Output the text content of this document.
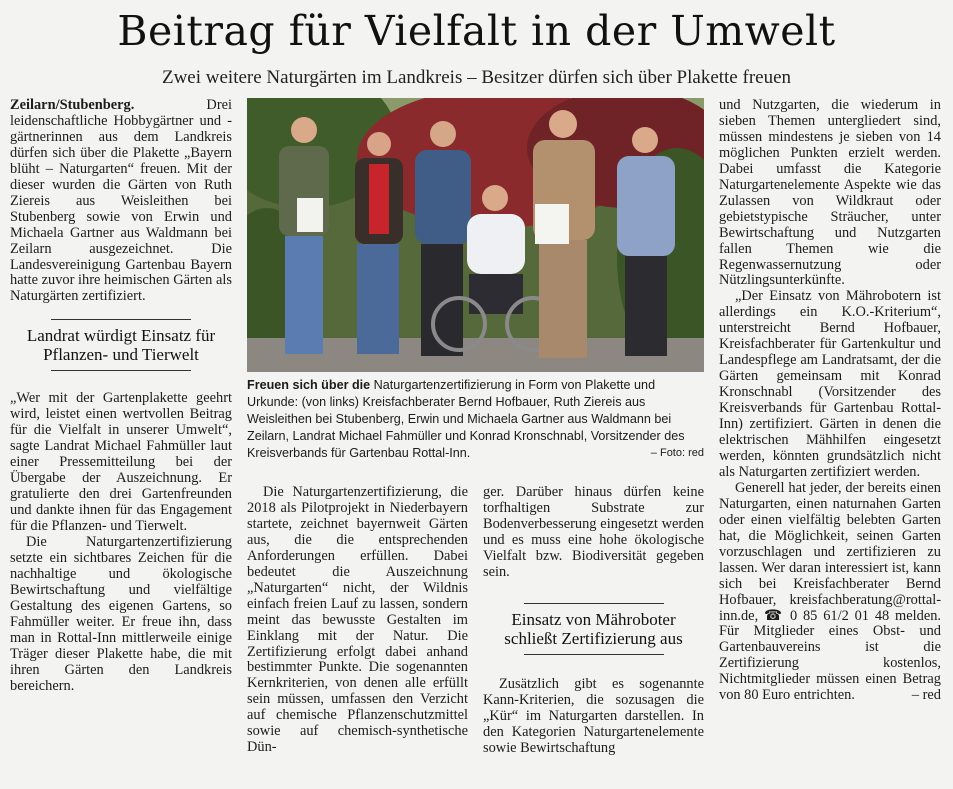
Beitrag für Vielfalt in der Umwelt
Zwei weitere Naturgärten im Landkreis – Besitzer dürfen sich über Plakette freuen

Zeilarn/Stubenberg.	Drei leidenschaftliche Hobbygärtner und -gärtnerinnen aus dem Landkreis dürfen sich über die Plakette „Bayern blüht – Naturgarten“ freuen. Mit der dieser wurden die Gärten von Ruth Ziereis aus Weisleithen bei Stubenberg sowie von Erwin und Michaela Gartner aus Waldmann bei Zeilarn ausgezeichnet. Die Landesvereinigung Gartenbau Bayern hatte zuvor ihre heimischen Gärten als Naturgärten zertifiziert.

Landrat würdigt Einsatz für Pflanzen- und Tierwelt

„Wer mit der Gartenplakette geehrt wird, leistet einen wertvollen Beitrag für die Vielfalt in unserer Umwelt“, sagte Landrat Michael Fahmüller laut einer Pressemitteilung bei der Übergabe der Auszeichnung. Er gratulierte den drei Gartenfreunden und dankte ihnen für das Engagement für die Pflanzen- und Tierwelt.

Die Naturgartenzertifizierung setzte ein sichtbares Zeichen für die nachhaltige und ökologische Bewirtschaftung und vielfältige Gestaltung des eigenen Gartens, so Fahmüller weiter. Er freue ihn, dass man in Rottal-Inn mittlerweile einige Träger dieser Plakette habe, die mit ihren Gärten den Landkreis bereichern.

Freuen sich über die Naturgartenzertifizierung in Form von Plakette und Urkunde: (von links) Kreisfachberater Bernd Hofbauer, Ruth Ziereis aus Weisleithen bei Stubenberg, Erwin und Michaela Gartner aus Waldmann bei Zeilarn, Landrat Michael Fahmüller und Konrad Kronschnabl, Vorsitzender des Kreisverbands für Gartenbau Rottal-Inn.	– Foto: red

Die Naturgartenzertifizierung, die 2018 als Pilotprojekt in Niederbayern startete, zeichnet bayernweit Gärten aus, die die entsprechenden Anforderungen erfüllen. Dabei bedeutet die Auszeichnung „Naturgarten“ nicht, der Wildnis einfach freien Lauf zu lassen, sondern meint das bewusste Gestalten im Einklang mit der Natur. Die Zertifizierung erfolgt dabei anhand bestimmter Punkte. Die sogenannten Kernkriterien, von denen alle erfüllt sein müssen, umfassen den Verzicht auf chemische Pflanzenschutzmittel sowie auf chemisch-synthetische Dün-

ger. Darüber hinaus dürfen keine torfhaltigen Substrate zur Bodenverbesserung eingesetzt werden und es muss eine hohe ökologische Vielfalt bzw. Biodiversität gegeben sein.

Einsatz von Mähroboter schließt Zertifizierung aus

Zusätzlich gibt es sogenannte Kann-Kriterien, die sozusagen die „Kür“ im Naturgarten darstellen. In den Kategorien Naturgartenelemente sowie Bewirtschaftung

und Nutzgarten, die wiederum in sieben Themen untergliedert sind, müssen mindestens je sieben von 14 möglichen Punkten erzielt werden. Dabei umfasst die Kategorie Naturgartenelemente Aspekte wie das Zulassen von Wildkraut oder gebietstypische Sträucher, unter Bewirtschaftung und Nutzgarten fallen Themen wie die Regenwassernutzung oder Nützlingsunterkünfte.

„Der Einsatz von Mährobotern ist allerdings ein K.O.-Kriterium“, unterstreicht Bernd Hofbauer, Kreisfachberater für Gartenkultur und Landespflege am Landratsamt, der die Gärten gemeinsam mit Konrad Kronschnabl (Vorsitzender des Kreisverbands für Gartenbau Rottal-Inn) zertifiziert. Gärten in denen die elektrischen Mähhilfen eingesetzt werden, könnten grundsätzlich nicht als Naturgarten zertifiziert werden.

Generell hat jeder, der bereits einen Naturgarten, einen naturnahen Garten oder einen vielfältig belebten Garten hat, die Möglichkeit, seinen Garten vorzuschlagen und zertifizieren zu lassen. Wer daran interessiert ist, kann sich bei Kreisfachberater Bernd Hofbauer, kreisfachberatung@rottal-inn.de, ☎ 0 85 61/2 01 48 melden. Für Mitglieder eines Obst- und Gartenbauvereins ist die Zertifizierung kostenlos, Nichtmitglieder müssen einen Betrag von 80 Euro entrichten.	– red
